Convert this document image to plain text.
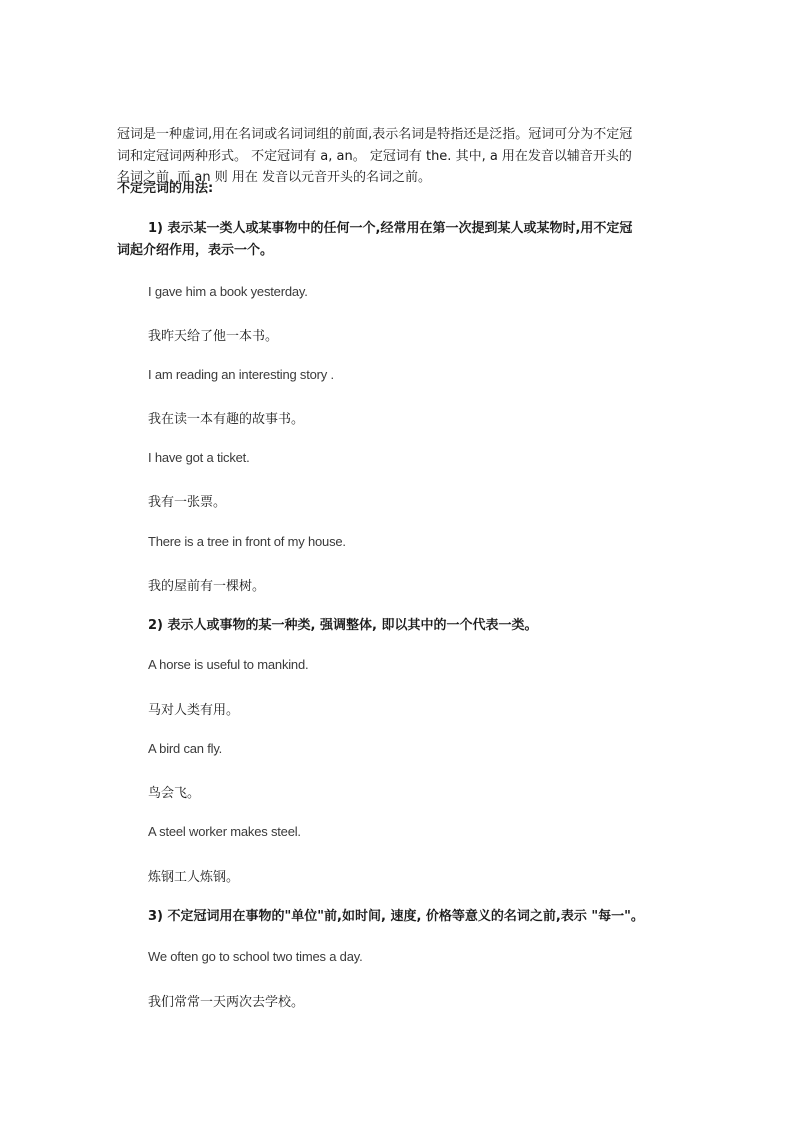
冠词是一种虚词,用在名词或名词词组的前面,表示名词是特指还是泛指。冠词可分为不定冠
词和定冠词两种形式。 不定冠词有 a, an。 定冠词有 the. 其中, a 用在发音以辅音开头的
名词之前, 而 an 则 用在 发音以元音开头的名词之前。

不定完词的用法:

1) 表示某一类人或某事物中的任何一个,经常用在第一次提到某人或某物时,用不定冠
词起介绍作用，表示一个。

I gave him a book yesterday.

我昨天给了他一本书。

I am reading an interesting story .

我在读一本有趣的故事书。

I have got a ticket.

我有一张票。

There is a tree in front of my house.

我的屋前有一棵树。

2) 表示人或事物的某一种类, 强调整体, 即以其中的一个代表一类。

A horse is useful to mankind.

马对人类有用。

A bird can fly.

鸟会飞。

A steel worker makes steel.

炼钢工人炼钢。

3) 不定冠词用在事物的"单位"前,如时间, 速度, 价格等意义的名词之前,表示 "每一"。

We often go to school two times a day.

我们常常一天两次去学校。
